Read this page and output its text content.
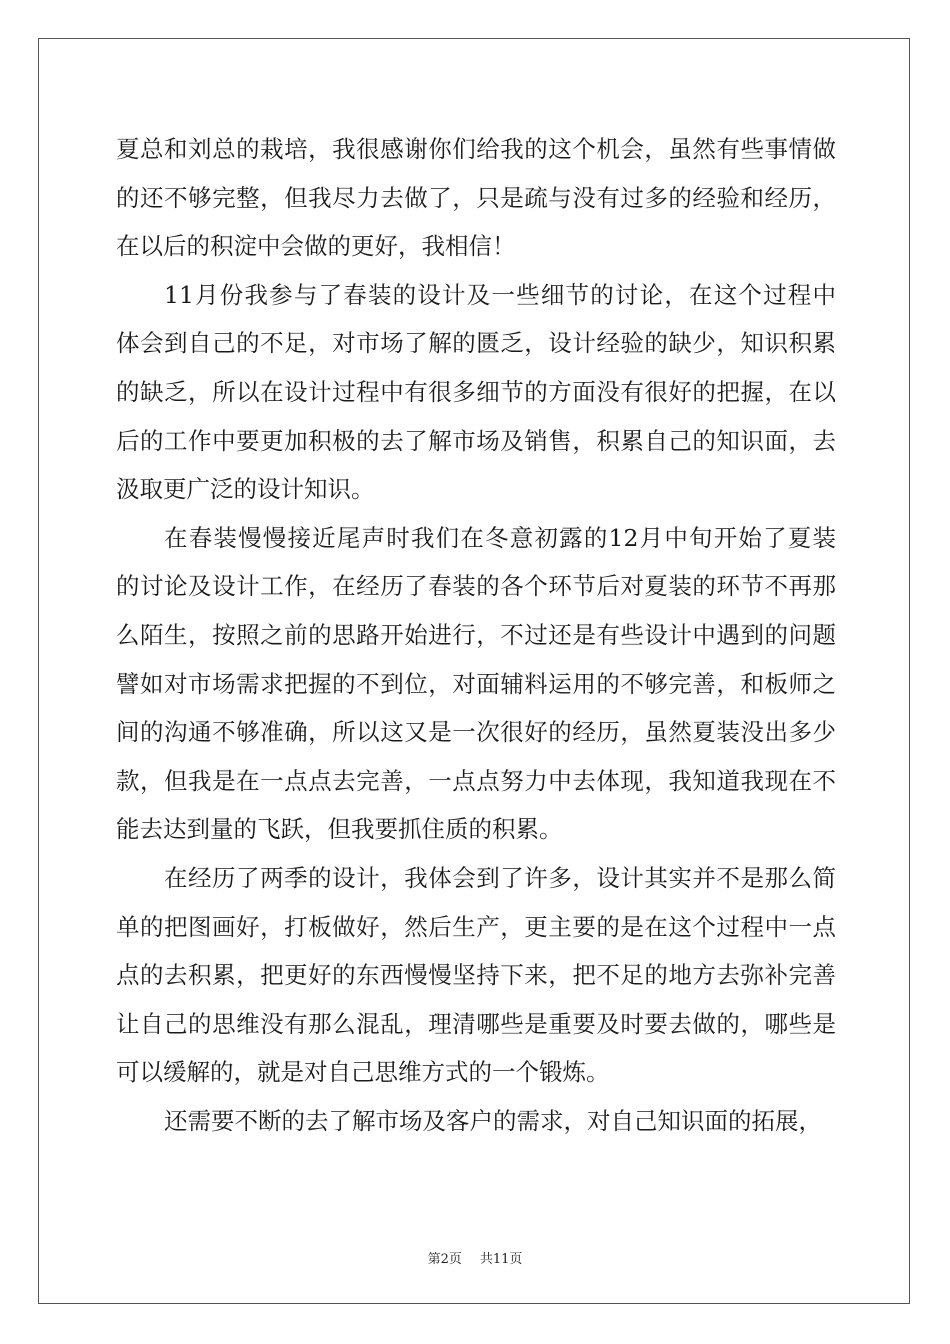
夏总和刘总的栽培，我很感谢你们给我的这个机会，虽然有些事情做
的还不够完整，但我尽力去做了，只是疏与没有过多的经验和经历，
在以后的积淀中会做的更好，我相信！
11月份我参与了春装的设计及一些细节的讨论，在这个过程中
体会到自己的不足，对市场了解的匮乏，设计经验的缺少，知识积累
的缺乏，所以在设计过程中有很多细节的方面没有很好的把握，在以
后的工作中要更加积极的去了解市场及销售，积累自己的知识面，去
汲取更广泛的设计知识。
在春装慢慢接近尾声时我们在冬意初露的12月中旬开始了夏装
的讨论及设计工作，在经历了春装的各个环节后对夏装的环节不再那
么陌生，按照之前的思路开始进行，不过还是有些设计中遇到的问题
譬如对市场需求把握的不到位，对面辅料运用的不够完善，和板师之
间的沟通不够准确，所以这又是一次很好的经历，虽然夏装没出多少
款，但我是在一点点去完善，一点点努力中去体现，我知道我现在不
能去达到量的飞跃，但我要抓住质的积累。
在经历了两季的设计，我体会到了许多，设计其实并不是那么简
单的把图画好，打板做好，然后生产，更主要的是在这个过程中一点
点的去积累，把更好的东西慢慢坚持下来，把不足的地方去弥补完善
让自己的思维没有那么混乱，理清哪些是重要及时要去做的，哪些是
可以缓解的，就是对自己思维方式的一个锻炼。
还需要不断的去了解市场及客户的需求，对自己知识面的拓展，
第2页 共11页
